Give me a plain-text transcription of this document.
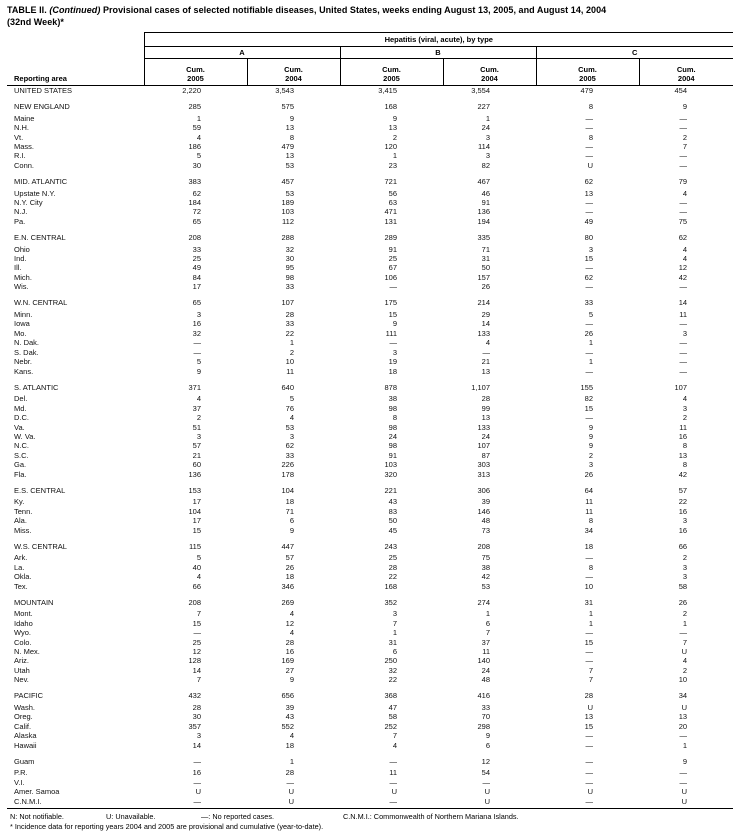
TABLE II. (Continued) Provisional cases of selected notifiable diseases, United States, weeks ending August 13, 2005, and August 14, 2004
(32nd Week)*
	Hepatitis (viral, acute), by type					
	A		B		C	
Reporting area	
Cum.
2005

Cum.
2004

Cum.
2005

Cum.
2004

Cum.
2005

Cum.
2004

UNITED STATES	2,220	3,543	3,415	3,554	479	454
NEW ENGLAND	285	575	168	227	8	9
Maine	1	9	9	1	—	—
N.H.	59	13	13	24	—	—
Vt.	4	8	2	3	8	2
Mass.	186	479	120	114	—	7
R.I.	5	13	1	3	—	—
Conn.	30	53	23	82	U	—
MID. ATLANTIC	383	457	721	467	62	79
Upstate N.Y.	62	53	56	46	13	4
N.Y. City	184	189	63	91	—	—
N.J.	72	103	471	136	—	—
Pa.	65	112	131	194	49	75
E.N. CENTRAL	208	288	289	335	80	62
Ohio	33	32	91	71	3	4
Ind.	25	30	25	31	15	4
Ill.	49	95	67	50	—	12
Mich.	84	98	106	157	62	42
Wis.	17	33	—	26	—	—
W.N. CENTRAL	65	107	175	214	33	14
Minn.	3	28	15	29	5	11
Iowa	16	33	9	14	—	—
Mo.	32	22	111	133	26	3
N. Dak.	—	1	—	4	1	—
S. Dak.	—	2	3	—	—	—
Nebr.	5	10	19	21	1	—
Kans.	9	11	18	13	—	—
S. ATLANTIC	371	640	878	1,107	155	107
Del.	4	5	38	28	82	4
Md.	37	76	98	99	15	3
D.C.	2	4	8	13	—	2
Va.	51	53	98	133	9	11
W. Va.	3	3	24	24	9	16
N.C.	57	62	98	107	9	8
S.C.	21	33	91	87	2	13
Ga.	60	226	103	303	3	8
Fla.	136	178	320	313	26	42
E.S. CENTRAL	153	104	221	306	64	57
Ky.	17	18	43	39	11	22
Tenn.	104	71	83	146	11	16
Ala.	17	6	50	48	8	3
Miss.	15	9	45	73	34	16
W.S. CENTRAL	115	447	243	208	18	66
Ark.	5	57	25	75	—	2
La.	40	26	28	38	8	3
Okla.	4	18	22	42	—	3
Tex.	66	346	168	53	10	58
MOUNTAIN	208	269	352	274	31	26
Mont.	7	4	3	1	1	2
Idaho	15	12	7	6	1	1
Wyo.	—	4	1	7	—	—
Colo.	25	28	31	37	15	7
N. Mex.	12	16	6	11	—	U
Ariz.	128	169	250	140	—	4
Utah	14	27	32	24	7	2
Nev.	7	9	22	48	7	10
PACIFIC	432	656	368	416	28	34
Wash.	28	39	47	33	U	U
Oreg.	30	43	58	70	13	13
Calif.	357	552	252	298	15	20
Alaska	3	4	7	9	—	—
Hawaii	14	18	4	6	—	1
Guam	—	1	—	12	—	9
P.R.	16	28	11	54	—	—
V.I.	—	—	—	—	—	—
Amer. Samoa	U	U	U	U	U	U
C.N.M.I.	—	U	—	U	—	U
N: Not notifiable.	U: Unavailable.	—: No reported cases.	C.N.M.I.: Commonwealth of Northern Mariana Islands.
* Incidence data for reporting years 2004 and 2005 are provisional and cumulative (year-to-date).
